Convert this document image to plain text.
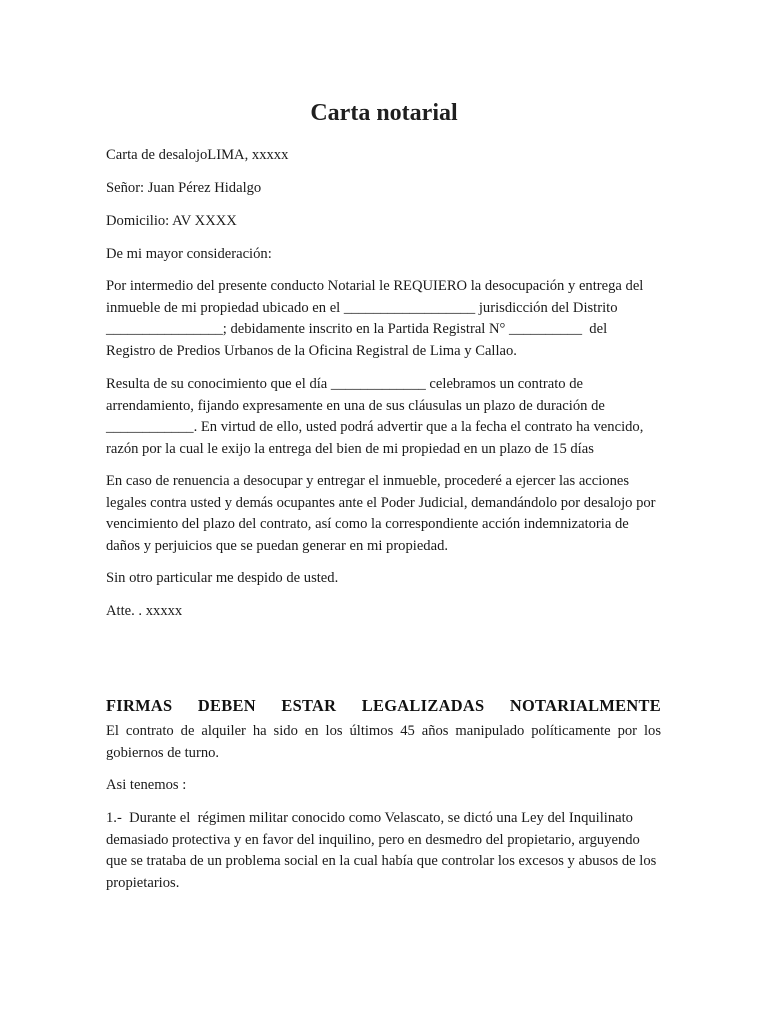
Carta notarial
Carta de desalojoLIMA, xxxxx
Señor: Juan Pérez Hidalgo
Domicilio: AV XXXX
De mi mayor consideración:
Por intermedio del presente conducto Notarial le REQUIERO la desocupación y entrega del
inmueble de mi propiedad ubicado en el __________________ jurisdicción del Distrito
________________; debidamente inscrito en la Partida Registral N° __________  del
Registro de Predios Urbanos de la Oficina Registral de Lima y Callao.
Resulta de su conocimiento que el día _____________ celebramos un contrato de
arrendamiento, fijando expresamente en una de sus cláusulas un plazo de duración de
____________. En virtud de ello, usted podrá advertir que a la fecha el contrato ha vencido,
razón por la cual le exijo la entrega del bien de mi propiedad en un plazo de 15 días
En caso de renuencia a desocupar y entregar el inmueble, procederé a ejercer las acciones
legales contra usted y demás ocupantes ante el Poder Judicial, demandándolo por desalojo por
vencimiento del plazo del contrato, así como la correspondiente acción indemnizatoria de
daños y perjuicios que se puedan generar en mi propiedad.
Sin otro particular me despido de usted.
Atte. . xxxxx
FIRMAS DEBEN ESTAR LEGALIZADAS NOTARIALMENTE
El contrato de alquiler ha sido en los últimos 45 años manipulado políticamente por los
gobiernos de turno.
Asi tenemos :
1.-  Durante el  régimen militar conocido como Velascato, se dictó una Ley del Inquilinato
demasiado protectiva y en favor del inquilino, pero en desmedro del propietario, arguyendo
que se trataba de un problema social en la cual había que controlar los excesos y abusos de los
propietarios.
